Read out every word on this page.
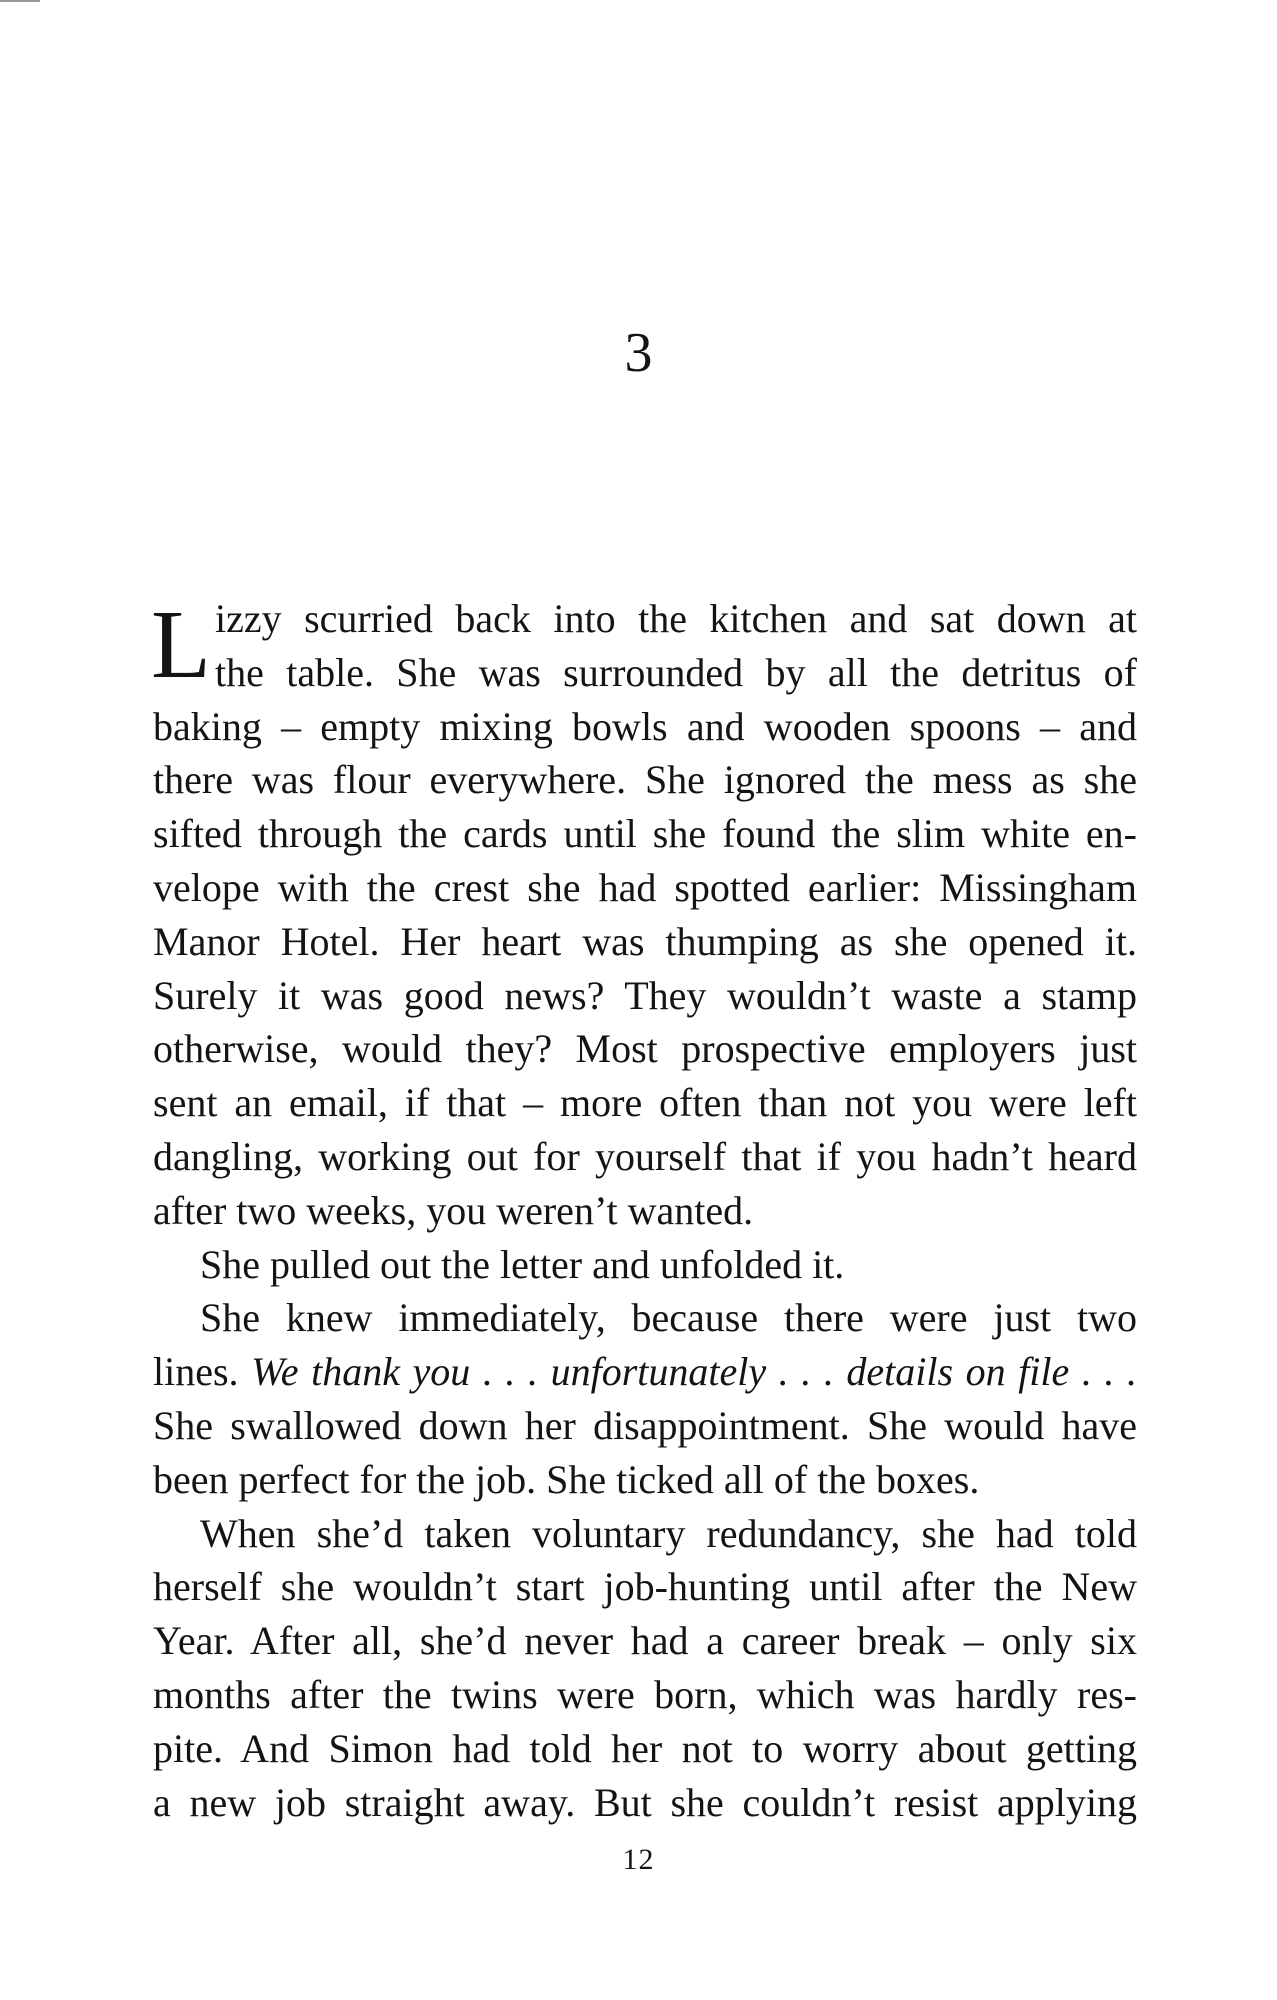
3
L izzy scurried back into the kitchen and sat down at
the table. She was surrounded by all the detritus of
baking – empty mixing bowls and wooden spoons – and
there was flour everywhere. She ignored the mess as she
sifted through the cards until she found the slim white en-
velope with the crest she had spotted earlier: Missingham
Manor Hotel. Her heart was thumping as she opened it.
Surely it was good news? They wouldn’t waste a stamp
otherwise, would they? Most prospective employers just
sent an email, if that – more often than not you were left
dangling, working out for yourself that if you hadn’t heard
after two weeks, you weren’t wanted.
She pulled out the letter and unfolded it.
She knew immediately, because there were just two
lines. We thank you . . . unfortunately . . . details on file . . .
She swallowed down her disappointment. She would have
been perfect for the job. She ticked all of the boxes.
When she’d taken voluntary redundancy, she had told
herself she wouldn’t start job-hunting until after the New
Year. After all, she’d never had a career break – only six
months after the twins were born, which was hardly res-
pite. And Simon had told her not to worry about getting
a new job straight away. But she couldn’t resist applying
12
